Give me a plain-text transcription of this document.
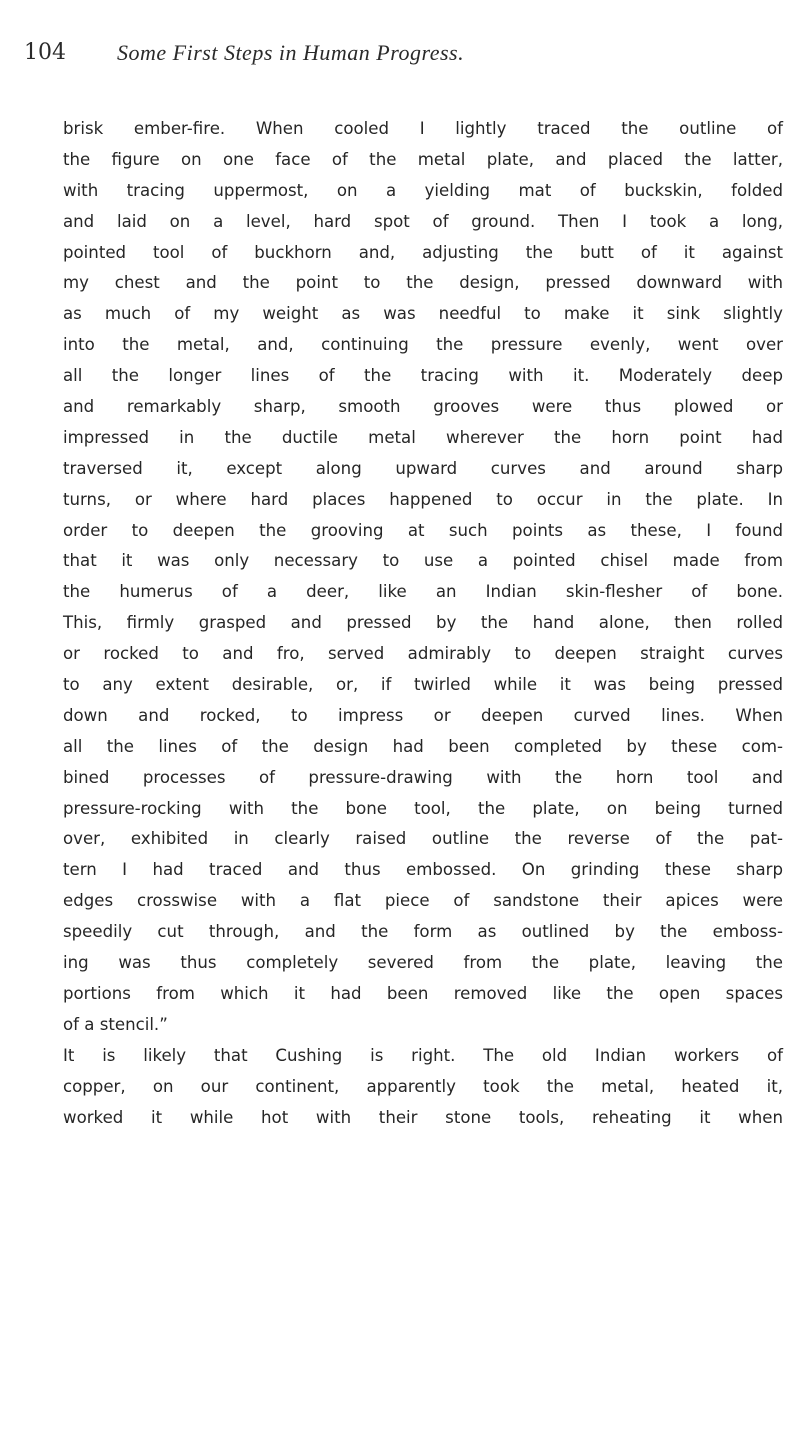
104 Some First Steps in Human Progress.
brisk ember-fire. When cooled I lightly traced the outline of
the figure on one face of the metal plate, and placed the latter,
with tracing uppermost, on a yielding mat of buckskin, folded
and laid on a level, hard spot of ground. Then I took a long,
pointed tool of buckhorn and, adjusting the butt of it against
my chest and the point to the design, pressed downward with
as much of my weight as was needful to make it sink slightly
into the metal, and, continuing the pressure evenly, went over
all the longer lines of the tracing with it. Moderately deep
and remarkably sharp, smooth grooves were thus plowed or
impressed in the ductile metal wherever the horn point had
traversed it, except along upward curves and around sharp
turns, or where hard places happened to occur in the plate. In
order to deepen the grooving at such points as these, I found
that it was only necessary to use a pointed chisel made from
the humerus of a deer, like an Indian skin-flesher of bone.
This, firmly grasped and pressed by the hand alone, then rolled
or rocked to and fro, served admirably to deepen straight curves
to any extent desirable, or, if twirled while it was being pressed
down and rocked, to impress or deepen curved lines. When
all the lines of the design had been completed by these com-
bined processes of pressure-drawing with the horn tool and
pressure-rocking with the bone tool, the plate, on being turned
over, exhibited in clearly raised outline the reverse of the pat-
tern I had traced and thus embossed. On grinding these sharp
edges crosswise with a flat piece of sandstone their apices were
speedily cut through, and the form as outlined by the emboss-
ing was thus completely severed from the plate, leaving the
portions from which it had been removed like the open spaces
of a stencil.”
It is likely that Cushing is right. The old Indian workers of
copper, on our continent, apparently took the metal, heated it,
worked it while hot with their stone tools, reheating it when
